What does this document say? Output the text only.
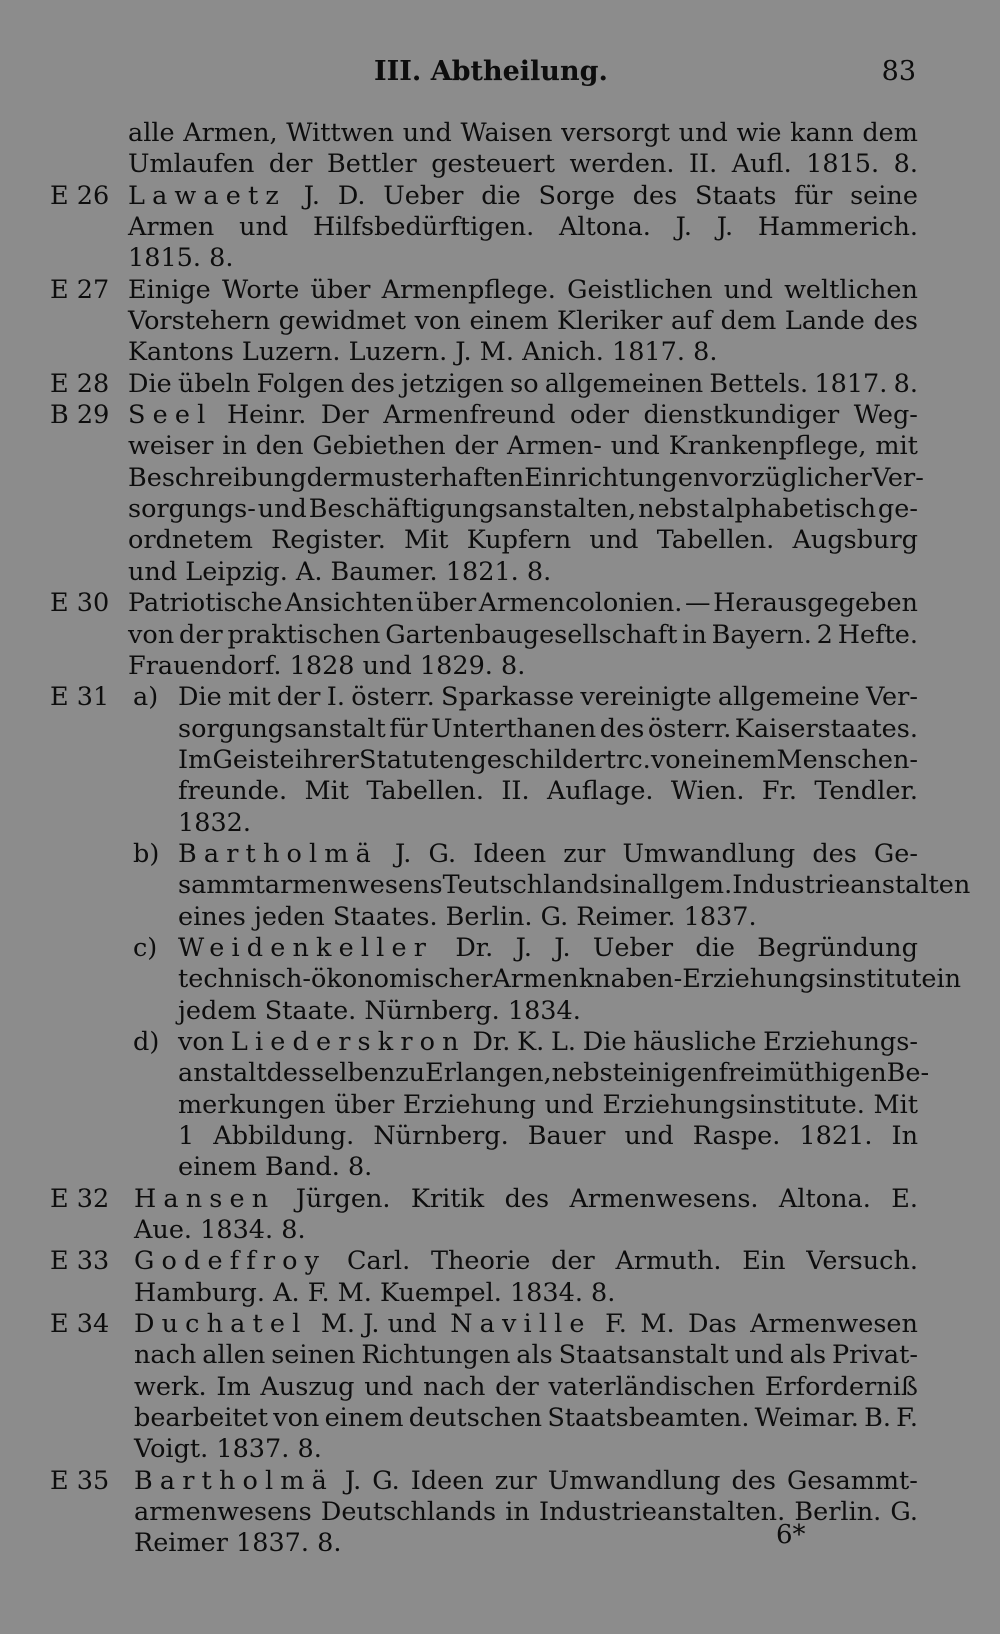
III. Abtheilung.	83
alle Armen, Wittwen und Waisen versorgt und wie kann dem
Umlaufen der Bettler gesteuert werden. II. Aufl. 1815. 8.
E 26 Lawaetz J. D. Ueber die Sorge des Staats für seine
Armen und Hilfsbedürftigen. Altona. J. J. Hammerich.
1815. 8.
E 27 Einige Worte über Armenpflege. Geistlichen und weltlichen
Vorstehern gewidmet von einem Kleriker auf dem Lande des
Kantons Luzern. Luzern. J. M. Anich. 1817. 8.
E 28 Die übeln Folgen des jetzigen so allgemeinen Bettels. 1817. 8.
B 29 Seel Heinr. Der Armenfreund oder dienstkundiger Weg-
weiser in den Gebiethen der Armen- und Krankenpflege, mit
Beschreibung der musterhaften Einrichtungen vorzüglicher Ver-
sorgungs- und Beschäftigungsanstalten, nebst alphabetisch ge-
ordnetem Register. Mit Kupfern und Tabellen. Augsburg
und Leipzig. A. Baumer. 1821. 8.
E 30 Patriotische Ansichten über Armencolonien. — Herausgegeben
von der praktischen Gartenbaugesellschaft in Bayern. 2 Hefte.
Frauendorf. 1828 und 1829. 8.
E 31 a) Die mit der I. österr. Sparkasse vereinigte allgemeine Ver-
sorgungsanstalt für Unterthanen des österr. Kaiserstaates.
Im Geiste ihrer Statuten geschildert rc. von einem Menschen-
freunde. Mit Tabellen. II. Auflage. Wien. Fr. Tendler.
1832.
b) Bartholmä J. G. Ideen zur Umwandlung des Ge-
sammtarmenwesens Teutschlands in allgem. Industrie anstalten
eines jeden Staates. Berlin. G. Reimer. 1837.
c) Weidenkeller Dr. J. J. Ueber die Begründung
technisch - ökonomischer Armenknaben - Erziehungsinstitute in
jedem Staate. Nürnberg. 1834.
d) von Liederskron Dr. K. L. Die häusliche Erziehungs-
anstalt desselben zu Erlangen, nebst einigen freimüthigen Be-
merkungen über Erziehung und Erziehungsinstitute. Mit
1 Abbildung. Nürnberg. Bauer und Raspe. 1821. In
einem Band. 8.
E 32 Hansen Jürgen. Kritik des Armenwesens. Altona. E.
Aue. 1834. 8.
E 33 Godeffroy Carl. Theorie der Armuth. Ein Versuch.
Hamburg. A. F. M. Kuempel. 1834. 8.
E 34 Duchatel M. J. und Naville F. M. Das Armenwesen
nach allen seinen Richtungen als Staatsanstalt und als Privat-
werk. Im Auszug und nach der vaterländischen Erforderniß
bearbeitet von einem deutschen Staatsbeamten. Weimar. B. F.
Voigt. 1837. 8.
E 35 Bartholmä J. G. Ideen zur Umwandlung des Gesammt-
armenwesens Deutschlands in Industrieanstalten. Berlin. G.
Reimer 1837. 8.	6*
